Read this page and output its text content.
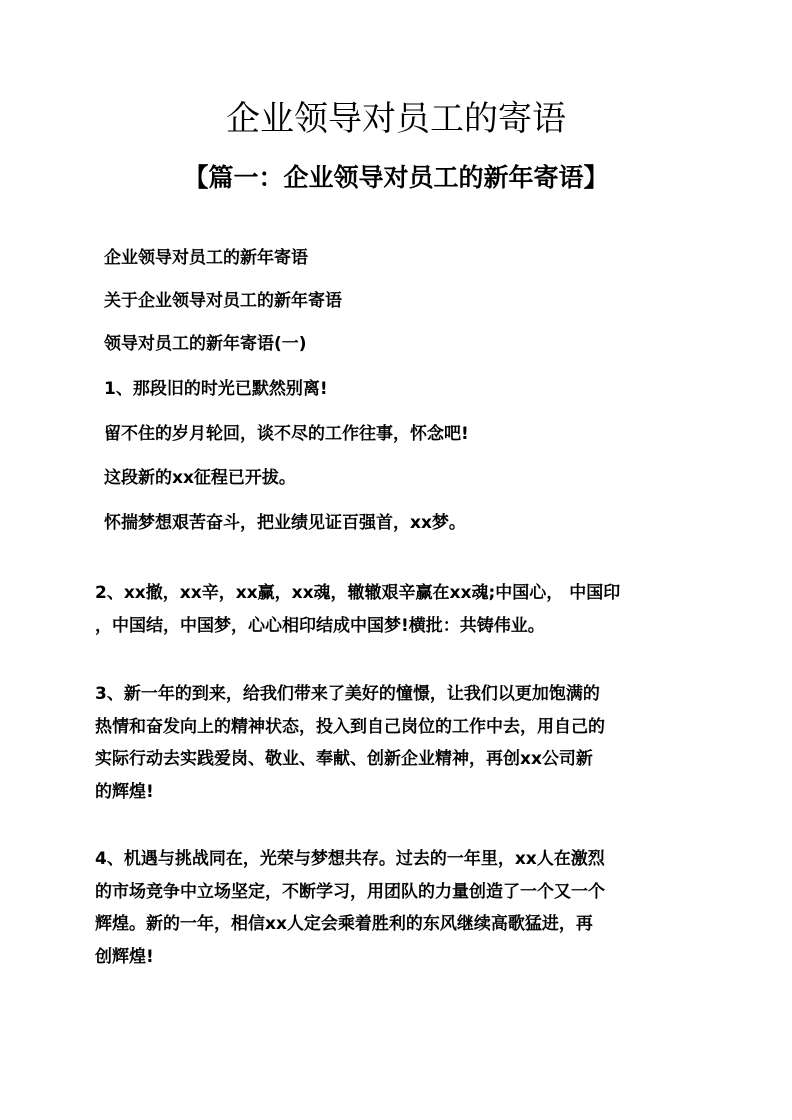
企业领导对员工的寄语
【篇一：企业领导对员工的新年寄语】

企业领导对员工的新年寄语

关于企业领导对员工的新年寄语

领导对员工的新年寄语(一)

1、那段旧的时光已默然别离!

留不住的岁月轮回，谈不尽的工作往事，怀念吧!

这段新的xx征程已开拔。

怀揣梦想艰苦奋斗，把业绩见证百强首，xx梦。

2、xx撤，xx辛，xx赢，xx魂，辙辙艰辛赢在xx魂;中国心， 中国印
，中国结，中国梦，心心相印结成中国梦!横批：共铸伟业。
3、新一年的到来，给我们带来了美好的憧憬，让我们以更加饱满的
热情和奋发向上的精神状态，投入到自己岗位的工作中去，用自己的
实际行动去实践爱岗、敬业、奉献、创新企业精神，再创xx公司新
的辉煌!
4、机遇与挑战同在，光荣与梦想共存。过去的一年里，xx人在激烈
的市场竞争中立场坚定，不断学习，用团队的力量创造了一个又一个
辉煌。新的一年，相信xx人定会乘着胜利的东风继续高歌猛进，再
创辉煌!
